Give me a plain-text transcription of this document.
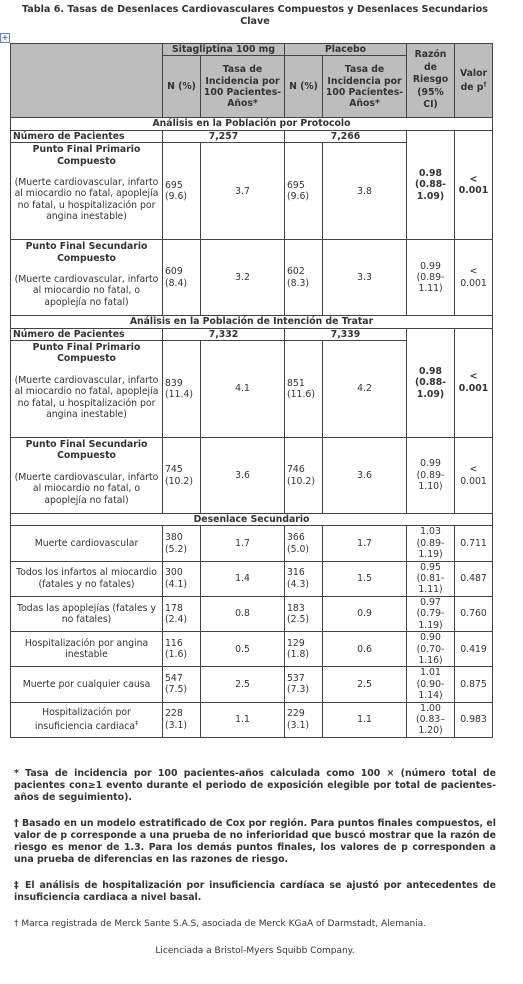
Tabla 6. Tasas de Desenlaces Cardiovasculares Compuestos y Desenlaces Secundarios Clave
+
	Sitagliptina 100 mg		Placebo		Razón de Riesgo (95% CI)	Valor de p†
	N (%)	Tasa de Incidencia por 100 Pacientes-Años*	N (%)	Tasa de Incidencia por 100 Pacientes-Años*		
Análisis en la Población por Protocolo						
Número de Pacientes	7,257		7,266		0.98 (0.88-1.09)	< 0.001

Punto Final Primario Compuesto
(Muerte cardiovascular, infarto al miocardio no fatal, apoplejía no fatal, u hospitalización por angina inestable)	695 (9.6)	3.7	695 (9.6)	3.8		

Punto Final Secundario Compuesto
(Muerte cardiovascular, infarto al miocardio no fatal, o apoplejía no fatal)	609 (8.4)	3.2	602 (8.3)	3.3	0.99 (0.89-1.11)	< 0.001
Análisis en la Población de Intención de Tratar						
Número de Pacientes	7,332		7,339		0.98 (0.88-1.09)	< 0.001

Punto Final Primario Compuesto
(Muerte cardiovascular, infarto al miocardio no fatal, apoplejía no fatal, u hospitalización por angina inestable)	839 (11.4)	4.1	851 (11.6)	4.2		

Punto Final Secundario Compuesto
(Muerte cardiovascular, infarto al miocardio no fatal, o apoplejía no fatal)	745 (10.2)	3.6	746 (10.2)	3.6	0.99 (0.89-1.10)	< 0.001
Desenlace Secundario						
Muerte cardiovascular	380 (5.2)	1.7	366 (5.0)	1.7	1.03 (0.89-1.19)	0.711
Todos los infartos al miocardio (fatales y no fatales)	300 (4.1)	1.4	316 (4.3)	1.5	0.95 (0.81-1.11)	0.487
Todas las apoplejías (fatales y no fatales)	178 (2.4)	0.8	183 (2.5)	0.9	0.97 (0.79-1.19)	0.760
Hospitalización por angina inestable	116 (1.6)	0.5	129 (1.8)	0.6	0.90 (0.70-1.16)	0.419
Muerte por cualquier causa	547 (7.5)	2.5	537 (7.3)	2.5	1.01 (0.90-1.14)	0.875
Hospitalización por insuficiencia cardiaca‡	228 (3.1)	1.1	229 (3.1)	1.1	1.00 (0.83–1.20)	0.983
* Tasa de incidencia por 100 pacientes-años calculada como 100 × (número total de pacientes con≥1 evento durante el periodo de exposición elegible por total de pacientes-años de seguimiento).
† Basado en un modelo estratificado de Cox por región. Para puntos finales compuestos, el valor de p corresponde a una prueba de no inferioridad que buscó mostrar que la razón de riesgo es menor de 1.3. Para los demás puntos finales, los valores de p corresponden a una prueba de diferencias en las razones de riesgo.
‡ El análisis de hospitalización por insuficiencia cardíaca se ajustó por antecedentes de insuficiencia cardiaca a nivel basal.
† Marca registrada de Merck Sante S.A.S, asociada de Merck KGaA of Darmstadt, Alemania.
Licenciada a Bristol-Myers Squibb Company.
